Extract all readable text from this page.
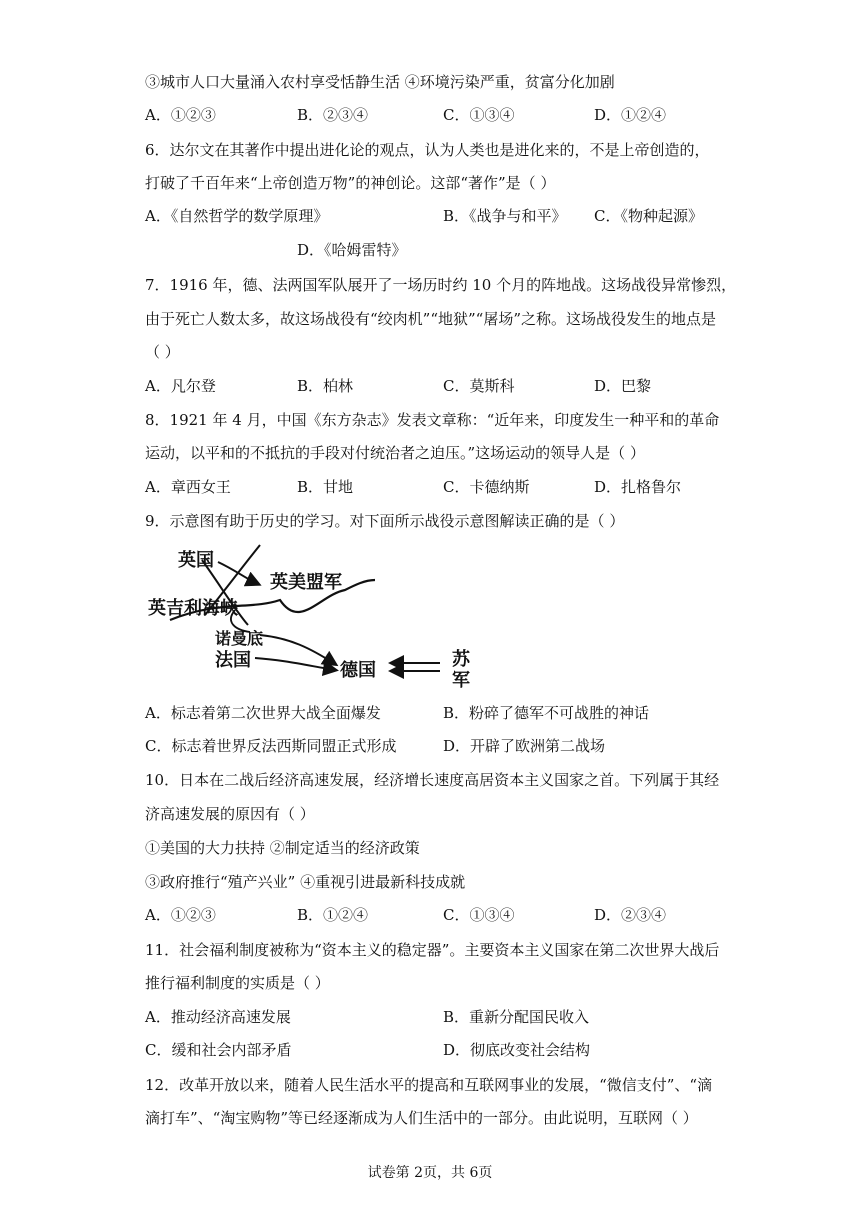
③城市人口大量涌入农村享受恬静生活 ④环境污染严重，贫富分化加剧
A．①②③	B．②③④	C．①③④	D．①②④
6．达尔文在其著作中提出进化论的观点，认为人类也是进化来的，不是上帝创造的，
打破了千百年来“上帝创造万物”的神创论。这部“著作”是（ ）
A．《自然哲学的数学原理》	B．《战争与和平》 C．《物种起源》
D．《哈姆雷特》
7．1916 年，德、法两国军队展开了一场历时约 10 个月的阵地战。这场战役异常惨烈，
由于死亡人数太多，故这场战役有“绞肉机”“地狱”“屠场”之称。这场战役发生的地点是
（ ）
A．凡尔登	B．柏林	C．莫斯科	D．巴黎
8．1921 年 4 月，中国《东方杂志》发表文章称：“近年来，印度发生一种平和的革命
运动，以平和的不抵抗的手段对付统治者之迫压。”这场运动的领导人是（ ）
A．章西女王	B．甘地	C．卡德纳斯	D．扎格鲁尔
9．示意图有助于历史的学习。对下面所示战役示意图解读正确的是（ ）
英国
英美盟军
英吉利海峡
诺曼底
法国	德国
苏
军
A．标志着第二次世界大战全面爆发	B．粉碎了德军不可战胜的神话
C．标志着世界反法西斯同盟正式形成	D．开辟了欧洲第二战场
10．日本在二战后经济高速发展，经济增长速度高居资本主义国家之首。下列属于其经
济高速发展的原因有（ ）
①美国的大力扶持 ②制定适当的经济政策
③政府推行“殖产兴业” ④重视引进最新科技成就
A．①②③	B．①②④	C．①③④	D．②③④
11．社会福利制度被称为“资本主义的稳定器”。主要资本主义国家在第二次世界大战后
推行福利制度的实质是（ ）
A．推动经济高速发展	B．重新分配国民收入
C．缓和社会内部矛盾	D．彻底改变社会结构
12．改革开放以来，随着人民生活水平的提高和互联网事业的发展，“微信支付”、“滴
滴打车”、“淘宝购物”等已经逐渐成为人们生活中的一部分。由此说明，互联网（ ）
试卷第 2页，共 6页
